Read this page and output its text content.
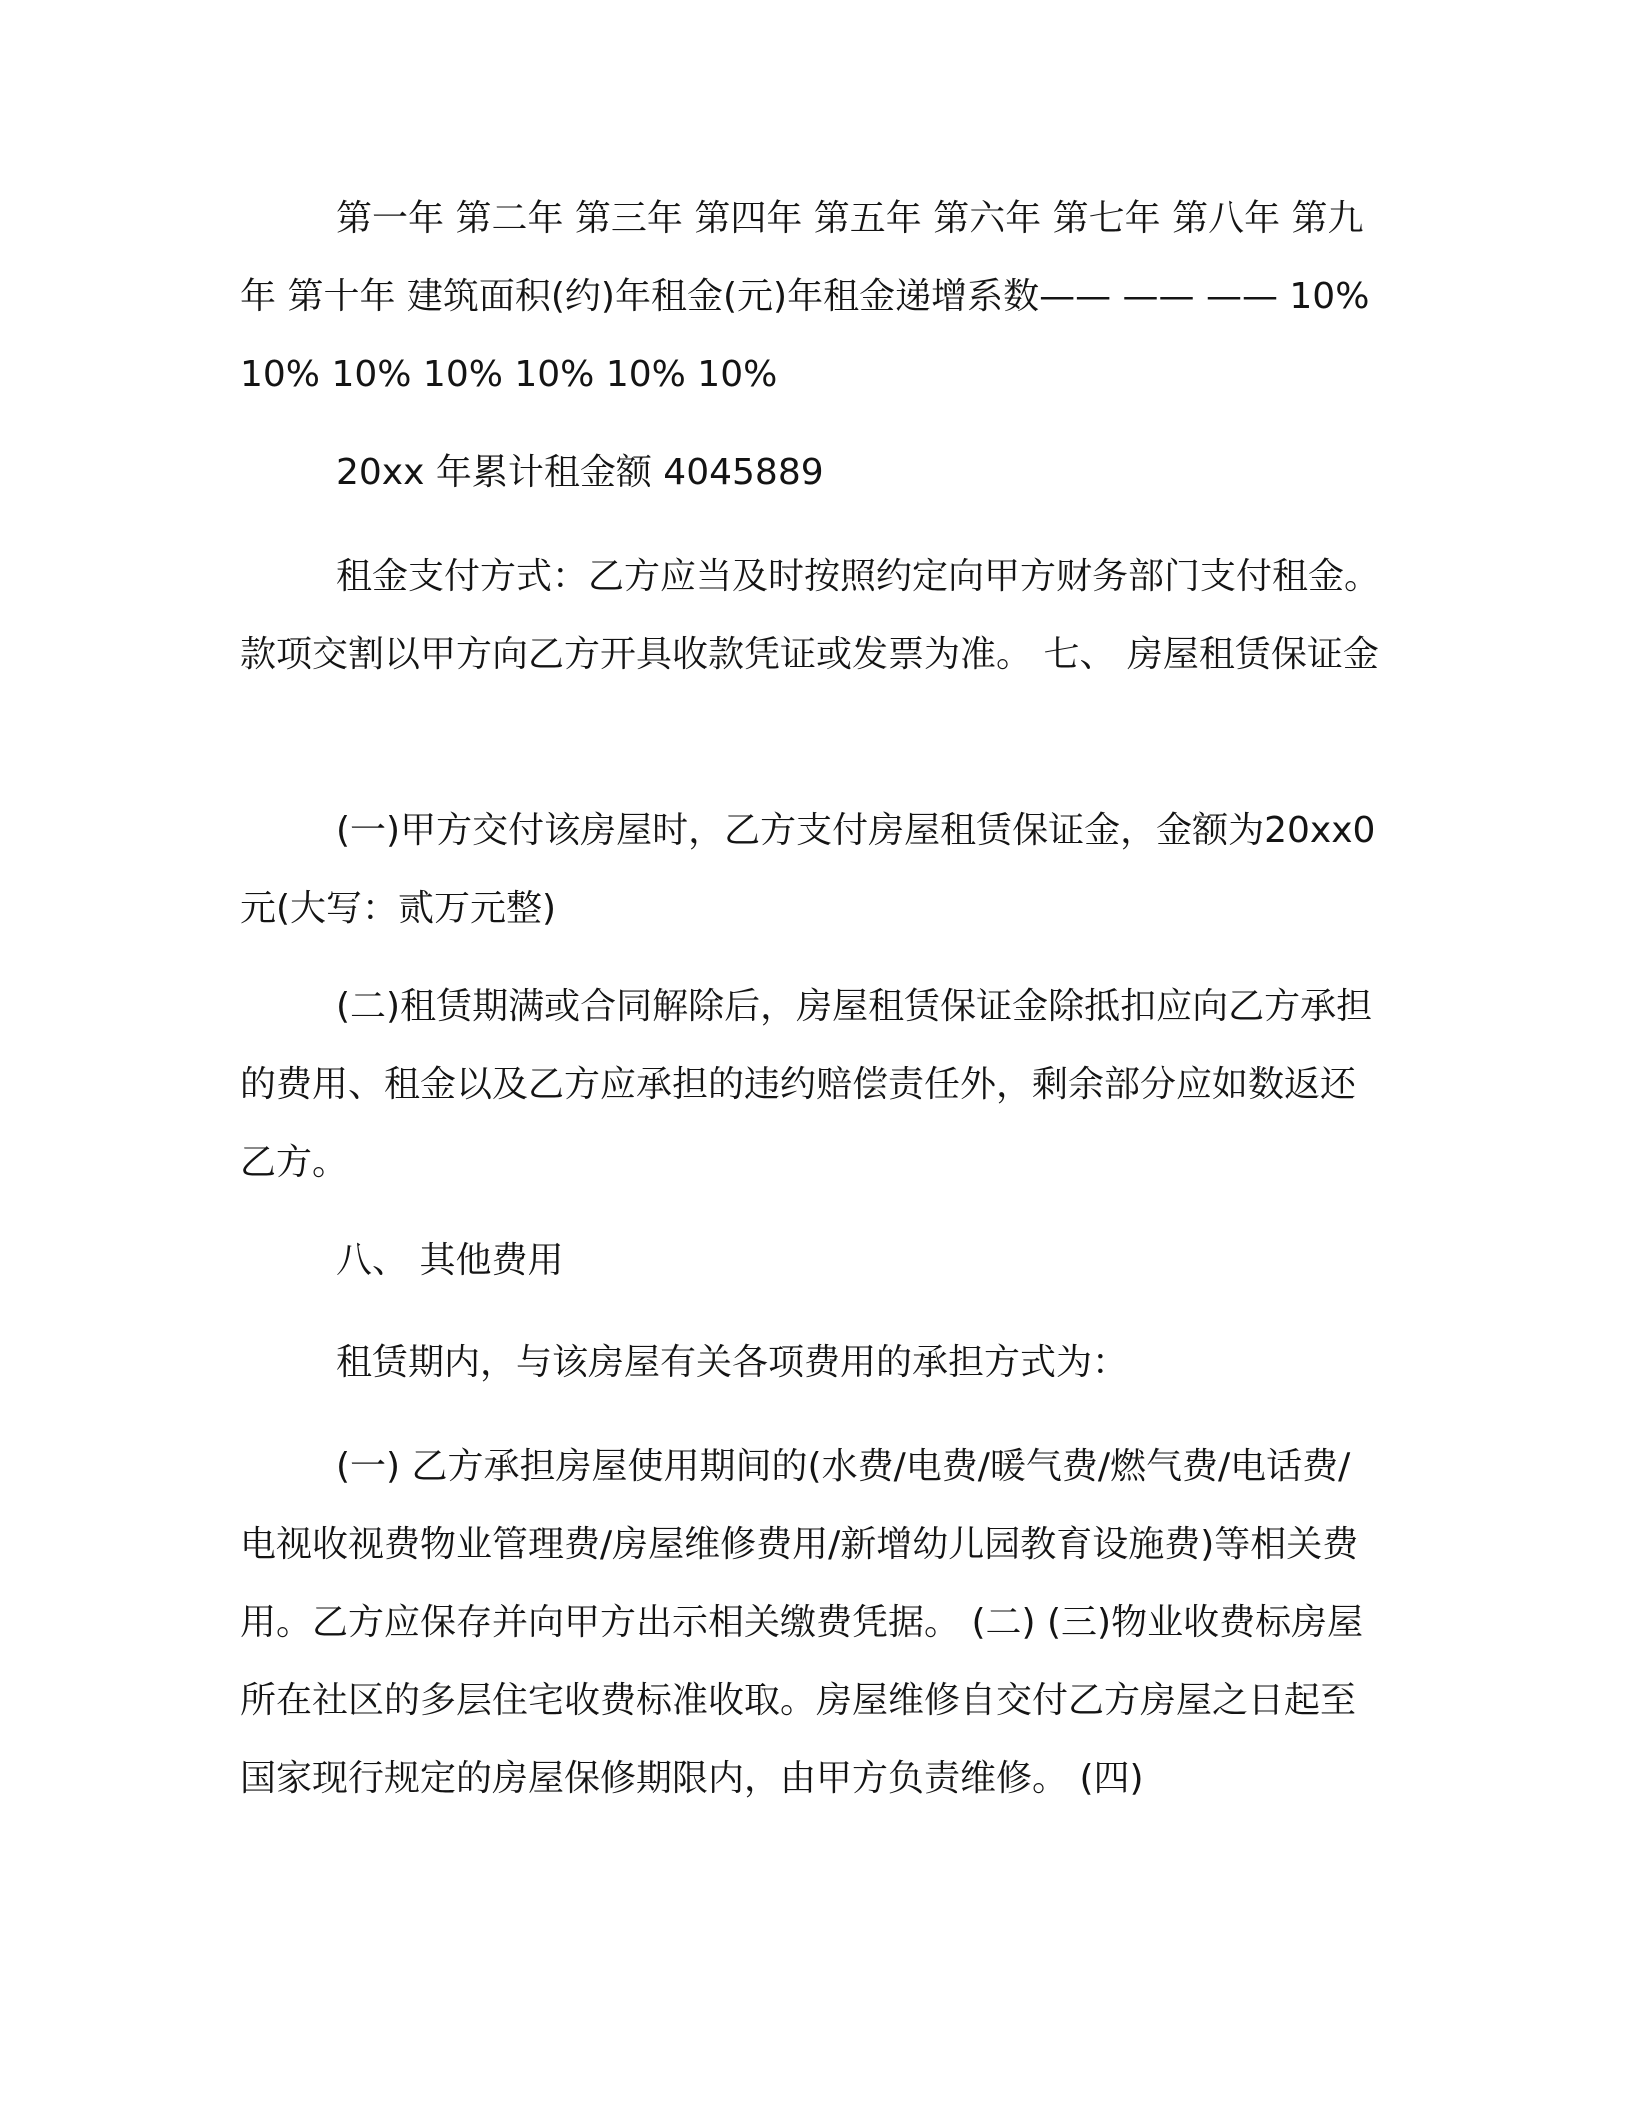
第一年 第二年 第三年 第四年 第五年 第六年 第七年 第八年 第九年 第十年 建筑面积(约)年租金(元)年租金递增系数—— —— —— 10% 10% 10% 10% 10% 10% 10%

20xx 年累计租金额 4045889

租金支付方式：乙方应当及时按照约定向甲方财务部门支付租金。款项交割以甲方向乙方开具收款凭证或发票为准。 七、 房屋租赁保证金

(一)甲方交付该房屋时，乙方支付房屋租赁保证金，金额为20xx0 元(大写：贰万元整)

(二)租赁期满或合同解除后，房屋租赁保证金除抵扣应向乙方承担的费用、租金以及乙方应承担的违约赔偿责任外，剩余部分应如数返还乙方。

八、 其他费用

租赁期内，与该房屋有关各项费用的承担方式为：

(一) 乙方承担房屋使用期间的(水费/电费/暖气费/燃气费/电话费/电视收视费物业管理费/房屋维修费用/新增幼儿园教育设施费)等相关费用。乙方应保存并向甲方出示相关缴费凭据。 (二) (三)物业收费标房屋所在社区的多层住宅收费标准收取。房屋维修自交付乙方房屋之日起至国家现行规定的房屋保修期限内，由甲方负责维修。 (四)
